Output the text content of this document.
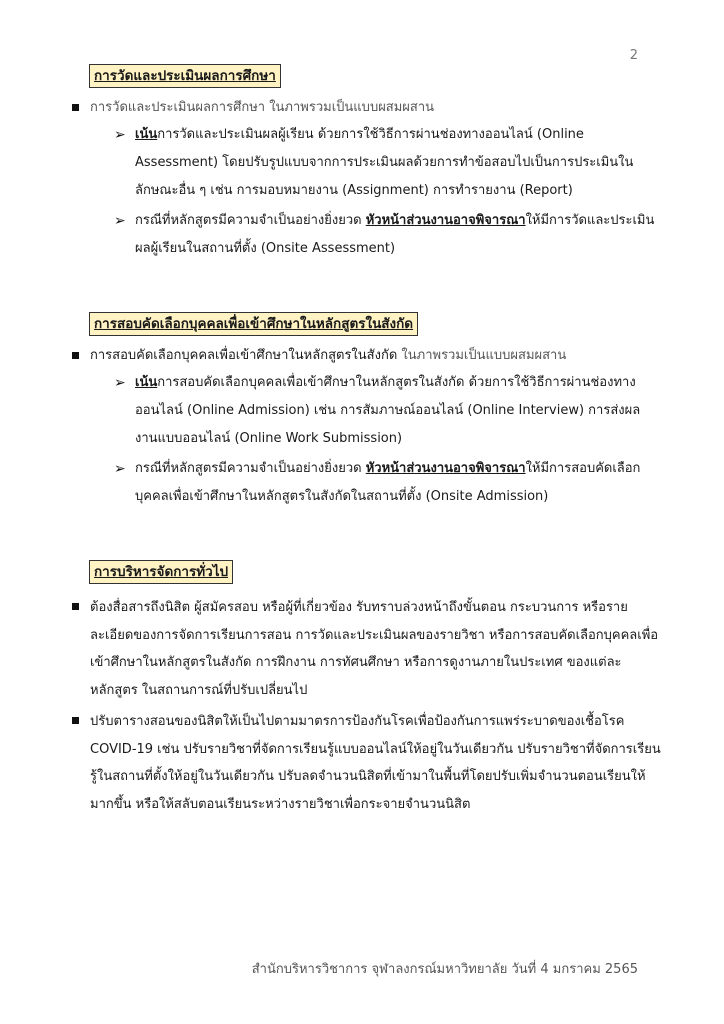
2
การวัดและประเมินผลการศึกษา
การวัดและประเมินผลการศึกษา ในภาพรวมเป็นแบบผสมผสาน
➢ เน้นการวัดและประเมินผลผู้เรียน ด้วยการใช้วิธีการผ่านช่องทางออนไลน์ (Online Assessment) โดยปรับรูปแบบจากการประเมินผลด้วยการทำข้อสอบไปเป็นการประเมินในลักษณะอื่น ๆ เช่น การมอบหมายงาน (Assignment) การทำรายงาน (Report)
➢ กรณีที่หลักสูตรมีความจำเป็นอย่างยิ่งยวด หัวหน้าส่วนงานอาจพิจารณาให้มีการวัดและประเมินผลผู้เรียนในสถานที่ตั้ง (Onsite Assessment)
การสอบคัดเลือกบุคคลเพื่อเข้าศึกษาในหลักสูตรในสังกัด
การสอบคัดเลือกบุคคลเพื่อเข้าศึกษาในหลักสูตรในสังกัด ในภาพรวมเป็นแบบผสมผสาน
➢ เน้นการสอบคัดเลือกบุคคลเพื่อเข้าศึกษาในหลักสูตรในสังกัด ด้วยการใช้วิธีการผ่านช่องทางออนไลน์ (Online Admission) เช่น การสัมภาษณ์ออนไลน์ (Online Interview) การส่งผลงานแบบออนไลน์ (Online Work Submission)
➢ กรณีที่หลักสูตรมีความจำเป็นอย่างยิ่งยวด หัวหน้าส่วนงานอาจพิจารณาให้มีการสอบคัดเลือกบุคคลเพื่อเข้าศึกษาในหลักสูตรในสังกัดในสถานที่ตั้ง (Onsite Admission)
การบริหารจัดการทั่วไป
ต้องสื่อสารถึงนิสิต ผู้สมัครสอบ หรือผู้ที่เกี่ยวข้อง รับทราบล่วงหน้าถึงขั้นตอน กระบวนการ หรือรายละเอียดของการจัดการเรียนการสอน การวัดและประเมินผลของรายวิชา หรือการสอบคัดเลือกบุคคลเพื่อเข้าศึกษาในหลักสูตรในสังกัด การฝึกงาน การทัศนศึกษา หรือการดูงานภายในประเทศ ของแต่ละหลักสูตร ในสถานการณ์ที่ปรับเปลี่ยนไป
ปรับตารางสอนของนิสิตให้เป็นไปตามมาตรการป้องกันโรคเพื่อป้องกันการแพร่ระบาดของเชื้อโรค COVID-19 เช่น ปรับรายวิชาที่จัดการเรียนรู้แบบออนไลน์ให้อยู่ในวันเดียวกัน ปรับรายวิชาที่จัดการเรียนรู้ในสถานที่ตั้งให้อยู่ในวันเดียวกัน ปรับลดจำนวนนิสิตที่เข้ามาในพื้นที่โดยปรับเพิ่มจำนวนตอนเรียนให้มากขึ้น หรือให้สลับตอนเรียนระหว่างรายวิชาเพื่อกระจายจำนวนนิสิต
สำนักบริหารวิชาการ จุฬาลงกรณ์มหาวิทยาลัย วันที่ 4 มกราคม 2565
